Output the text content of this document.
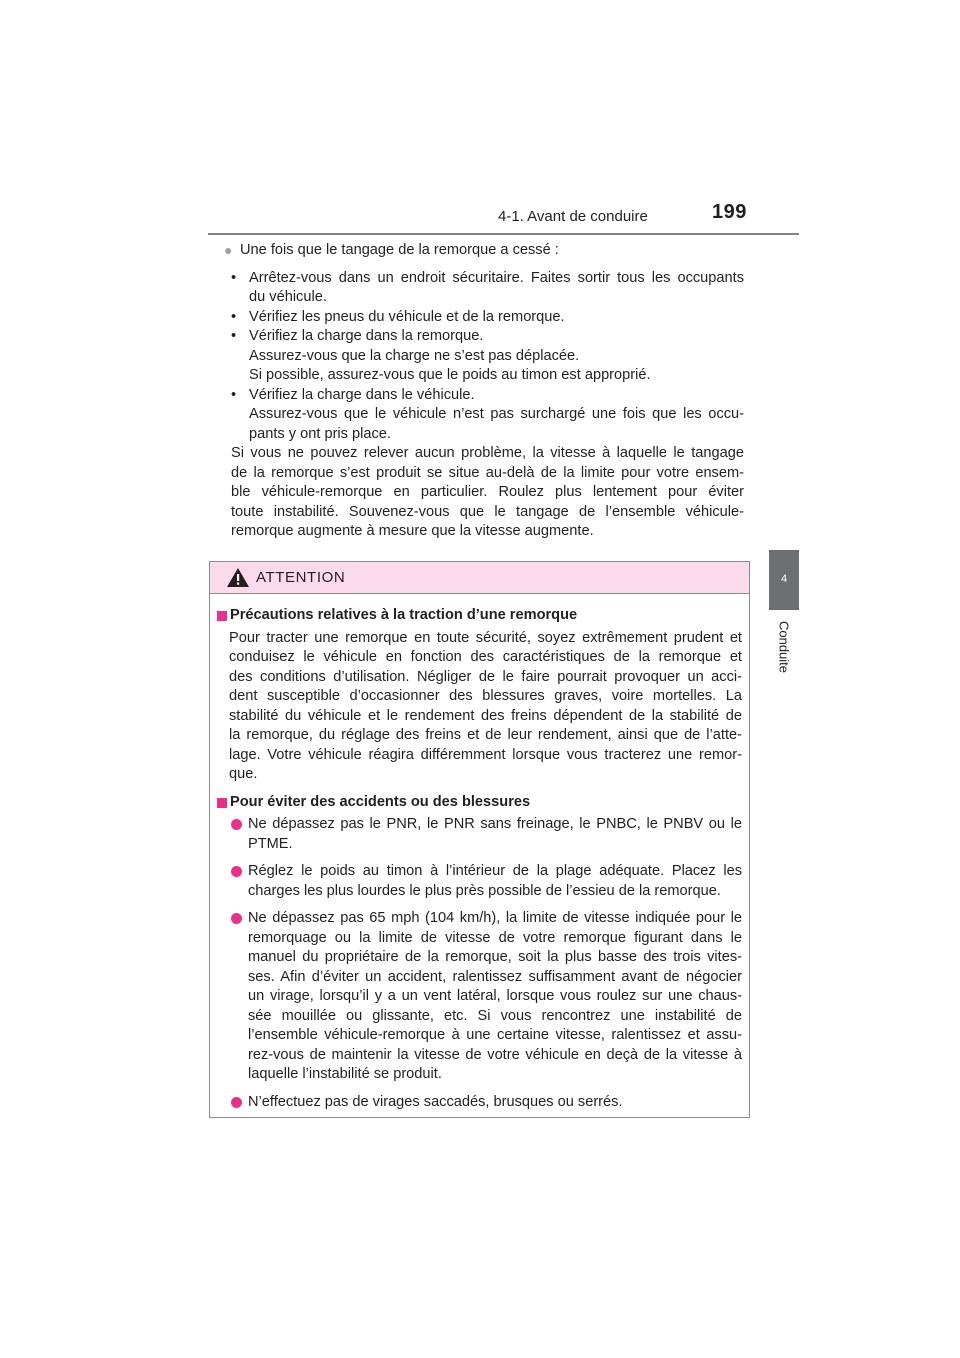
4-1. Avant de conduire	199
4
Conduite
● Une fois que le tangage de la remorque a cessé :
• Arrêtez-vous dans un endroit sécuritaire. Faites sortir tous les occupants
du véhicule.
• Vérifiez les pneus du véhicule et de la remorque.
• Vérifiez la charge dans la remorque.
Assurez-vous que la charge ne s’est pas déplacée.
Si possible, assurez-vous que le poids au timon est approprié.
• Vérifiez la charge dans le véhicule.
Assurez-vous que le véhicule n’est pas surchargé une fois que les occu-
pants y ont pris place.
Si vous ne pouvez relever aucun problème, la vitesse à laquelle le tangage
de la remorque s’est produit se situe au-delà de la limite pour votre ensem-
ble véhicule-remorque en particulier. Roulez plus lentement pour éviter
toute instabilité. Souvenez-vous que le tangage de l’ensemble véhicule-
remorque augmente à mesure que la vitesse augmente.
ATTENTION
Précautions relatives à la traction d’une remorque
Pour tracter une remorque en toute sécurité, soyez extrêmement prudent et
conduisez le véhicule en fonction des caractéristiques de la remorque et
des conditions d’utilisation. Négliger de le faire pourrait provoquer un acci-
dent susceptible d’occasionner des blessures graves, voire mortelles. La
stabilité du véhicule et le rendement des freins dépendent de la stabilité de
la remorque, du réglage des freins et de leur rendement, ainsi que de l’atte-
lage. Votre véhicule réagira différemment lorsque vous tracterez une remor-
que.
Pour éviter des accidents ou des blessures
Ne dépassez pas le PNR, le PNR sans freinage, le PNBC, le PNBV ou le
PTME.
Réglez le poids au timon à l’intérieur de la plage adéquate. Placez les
charges les plus lourdes le plus près possible de l’essieu de la remorque.
Ne dépassez pas 65 mph (104 km/h), la limite de vitesse indiquée pour le
remorquage ou la limite de vitesse de votre remorque figurant dans le
manuel du propriétaire de la remorque, soit la plus basse des trois vites-
ses. Afin d’éviter un accident, ralentissez suffisamment avant de négocier
un virage, lorsqu’il y a un vent latéral, lorsque vous roulez sur une chaus-
sée mouillée ou glissante, etc. Si vous rencontrez une instabilité de
l’ensemble véhicule-remorque à une certaine vitesse, ralentissez et assu-
rez-vous de maintenir la vitesse de votre véhicule en deçà de la vitesse à
laquelle l’instabilité se produit.
N’effectuez pas de virages saccadés, brusques ou serrés.
